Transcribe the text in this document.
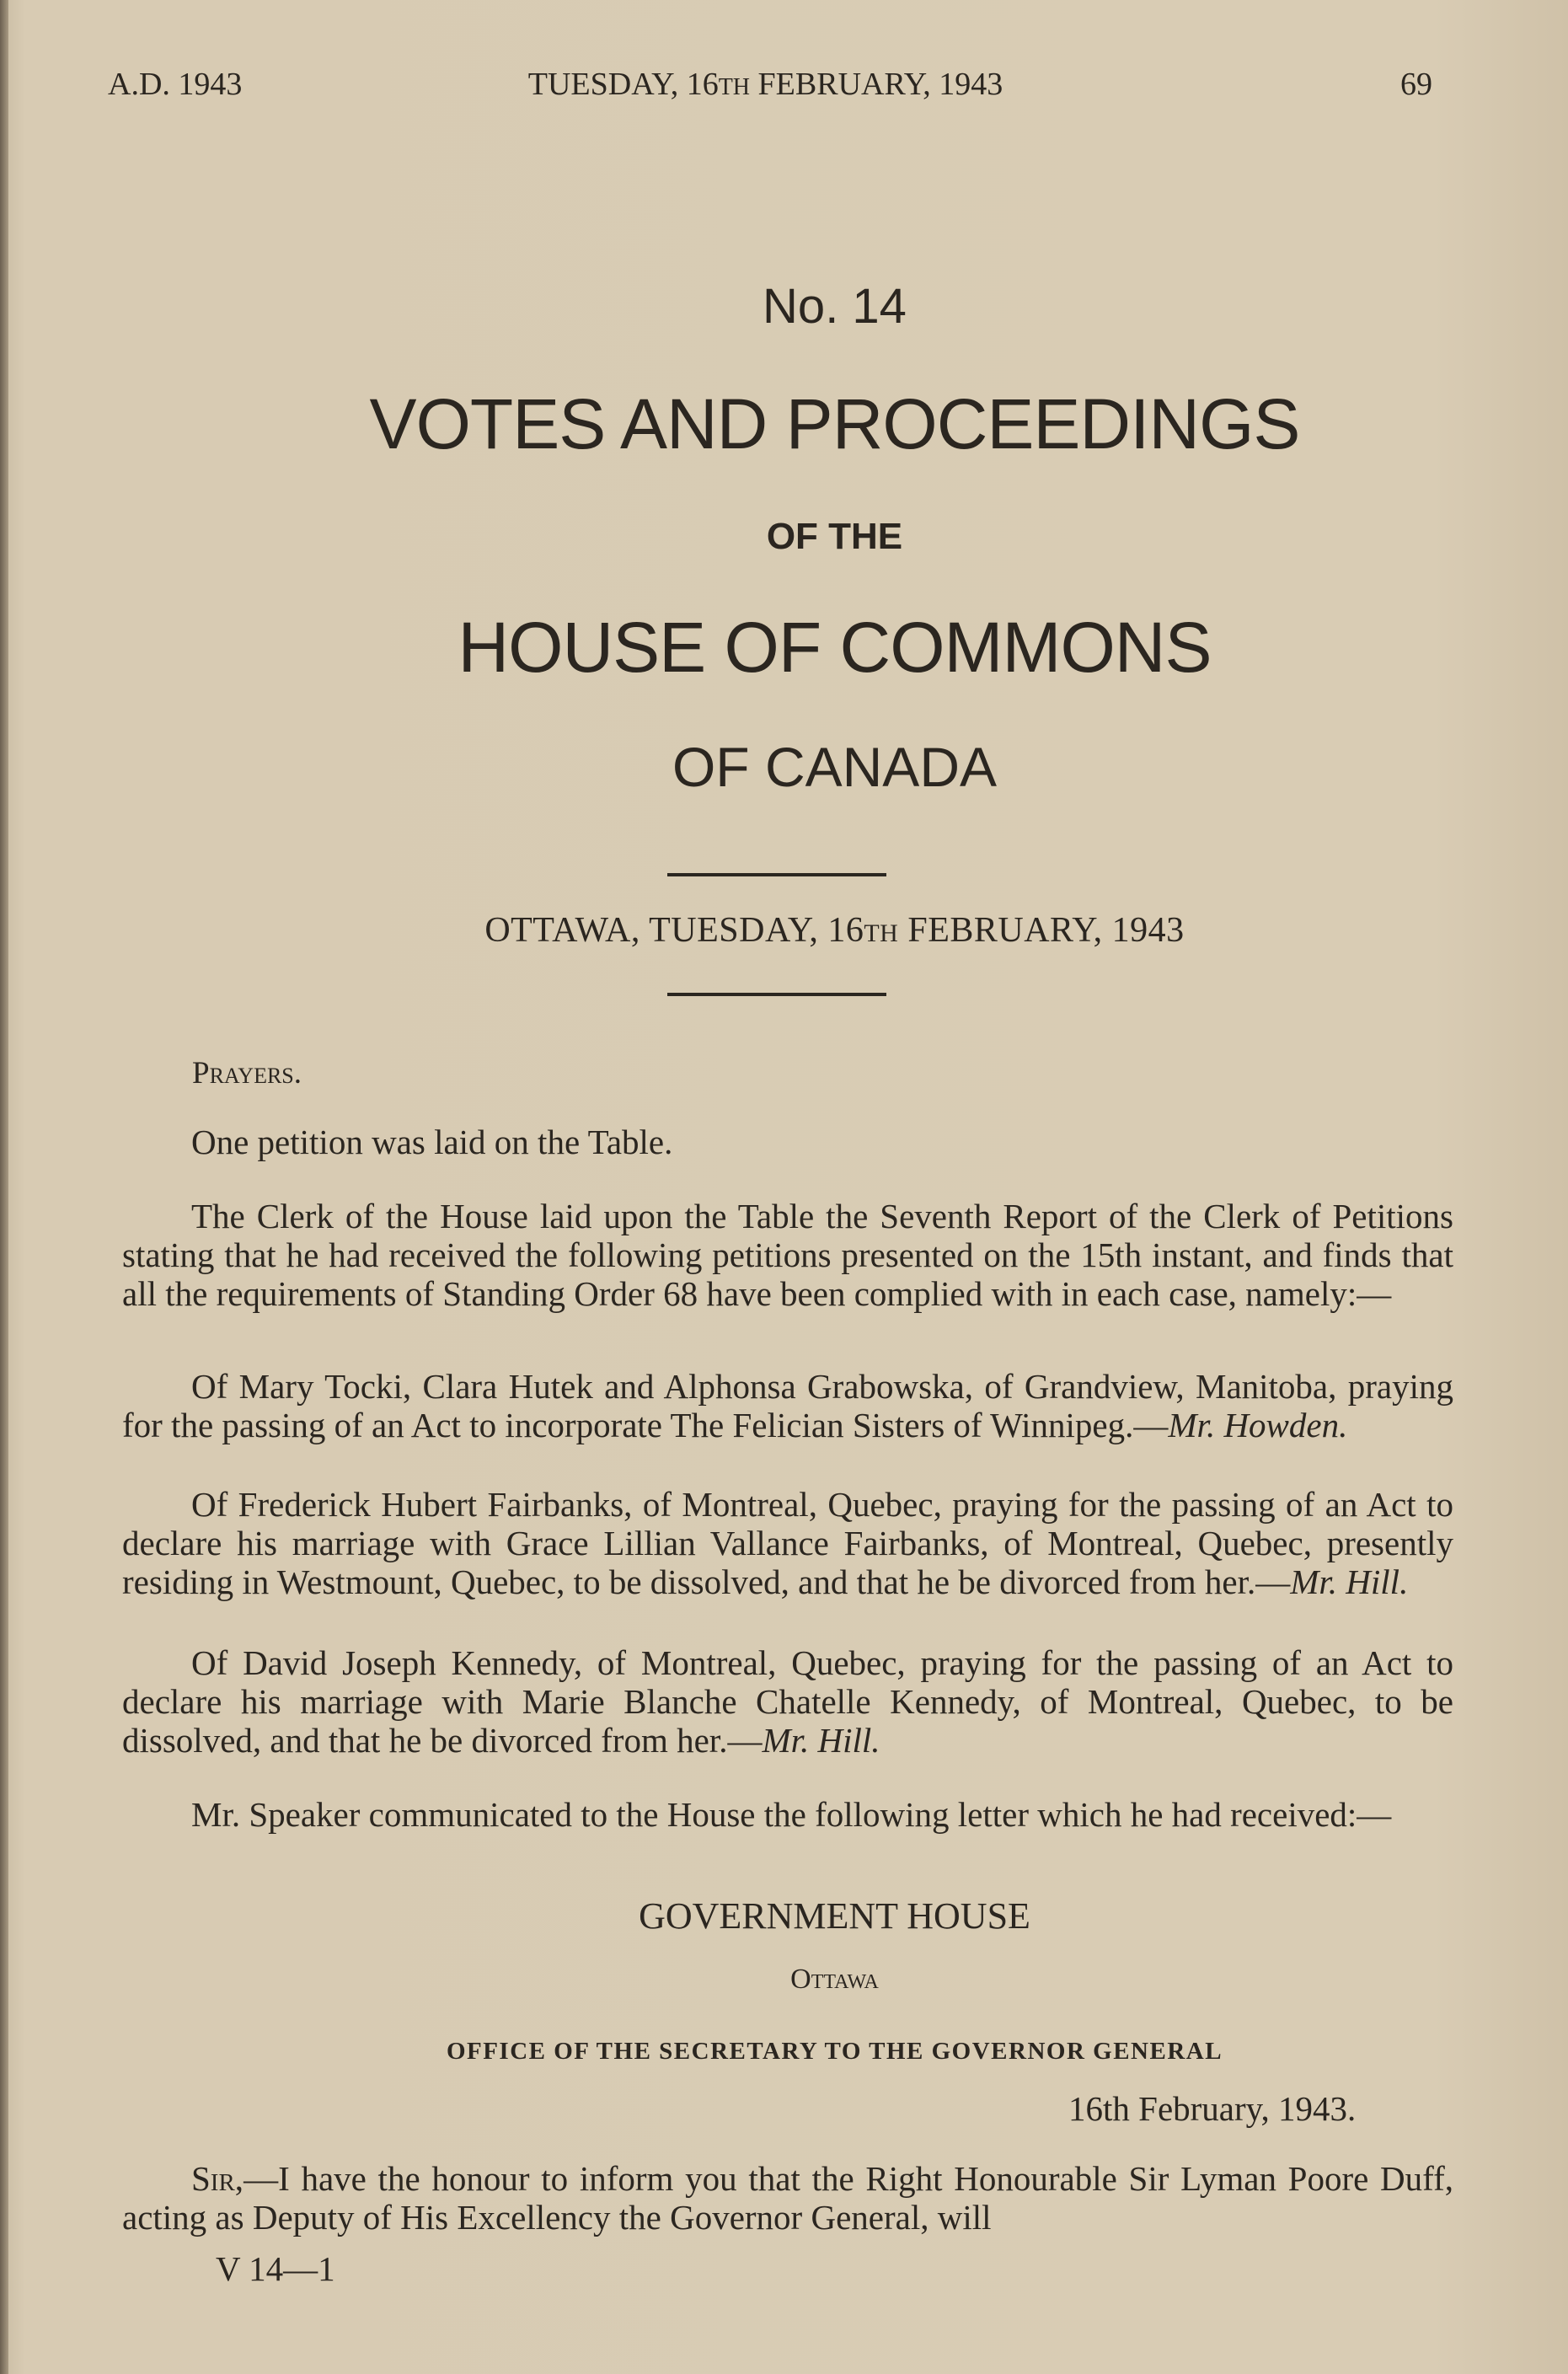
A.D. 1943	TUESDAY, 16TH FEBRUARY, 1943	69
No. 14
VOTES AND PROCEEDINGS
OF THE
HOUSE OF COMMONS
OF CANADA
OTTAWA, TUESDAY, 16TH FEBRUARY, 1943
Prayers.

One petition was laid on the Table.

The Clerk of the House laid upon the Table the Seventh Report of the Clerk of Petitions stating that he had received the following petitions presented on the 15th instant, and finds that all the requirements of Standing Order 68 have been complied with in each case, namely:—

Of Mary Tocki, Clara Hutek and Alphonsa Grabowska, of Grandview, Manitoba, praying for the passing of an Act to incorporate The Felician Sisters of Winnipeg.—Mr. Howden.

Of Frederick Hubert Fairbanks, of Montreal, Quebec, praying for the passing of an Act to declare his marriage with Grace Lillian Vallance Fairbanks, of Montreal, Quebec, presently residing in Westmount, Quebec, to be dissolved, and that he be divorced from her.—Mr. Hill.

Of David Joseph Kennedy, of Montreal, Quebec, praying for the passing of an Act to declare his marriage with Marie Blanche Chatelle Kennedy, of Montreal, Quebec, to be dissolved, and that he be divorced from her.—Mr. Hill.

Mr. Speaker communicated to the House the following letter which he had received:—

GOVERNMENT HOUSE
Ottawa
OFFICE OF THE SECRETARY TO THE GOVERNOR GENERAL
16th February, 1943.

Sir,—I have the honour to inform you that the Right Honourable Sir Lyman Poore Duff, acting as Deputy of His Excellency the Governor General, will

V 14—1
